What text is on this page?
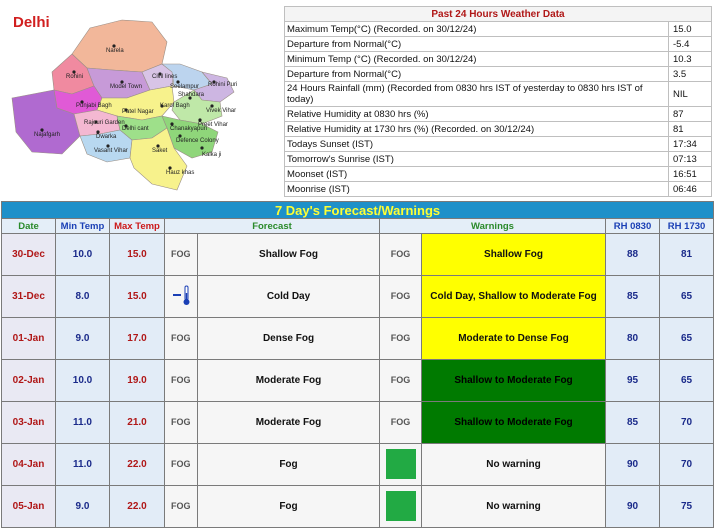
Narela
Rohini
Model Town
Civil lines
Seelampur Rohini Puri
Shahdara
Vivek Vihar
Preet Vihar
Punjabi Bagh
Patel Nagar
Karol Bagh
Rajouri Garden
Najafgarh	Dwarka
Delhi cant	Chanakyapuri
Defence Colony
Vasant Vihar	Saket
Kalka ji
Hauz khas
Delhi	Past 24 Hours Weather Data	
Maximum Temp(°C) (Recorded. on 30/12/24)	15.0
Departure from Normal(°C)	-5.4
Minimum Temp (°C) (Recorded. on 30/12/24)	10.3
Departure from Normal(°C)	3.5
24 Hours Rainfall (mm) (Recorded from 0830 hrs IST of yesterday to 0830 hrs IST of today)	NIL
Relative Humidity at 0830 hrs (%)	87
Relative Humidity at 1730 hrs (%) (Recorded. on 30/12/24)	81
Todays Sunset (IST)	17:34
Tomorrow's Sunrise (IST)	07:13
Moonset (IST)	16:51
Moonrise (IST)	06:46
7 Day's Forecast/Warnings								
Date	Min Temp	Max Temp	Forecast		Warnings		RH 0830	RH 1730
30-Dec	10.0	15.0	FOG	Shallow Fog	FOG	Shallow Fog	88	81
31-Dec	8.0	15.0		Cold Day	FOG	Cold Day, Shallow to Moderate Fog	85	65
01-Jan	9.0	17.0	FOG	Dense Fog	FOG	Moderate to Dense Fog	80	65
02-Jan	10.0	19.0	FOG	Moderate Fog	FOG	Shallow to Moderate Fog	95	65
03-Jan	11.0	21.0	FOG	Moderate Fog	FOG	Shallow to Moderate Fog	85	70
04-Jan	11.0	22.0	FOG	Fog		No warning	90	70
05-Jan	9.0	22.0	FOG	Fog		No warning	90	75
